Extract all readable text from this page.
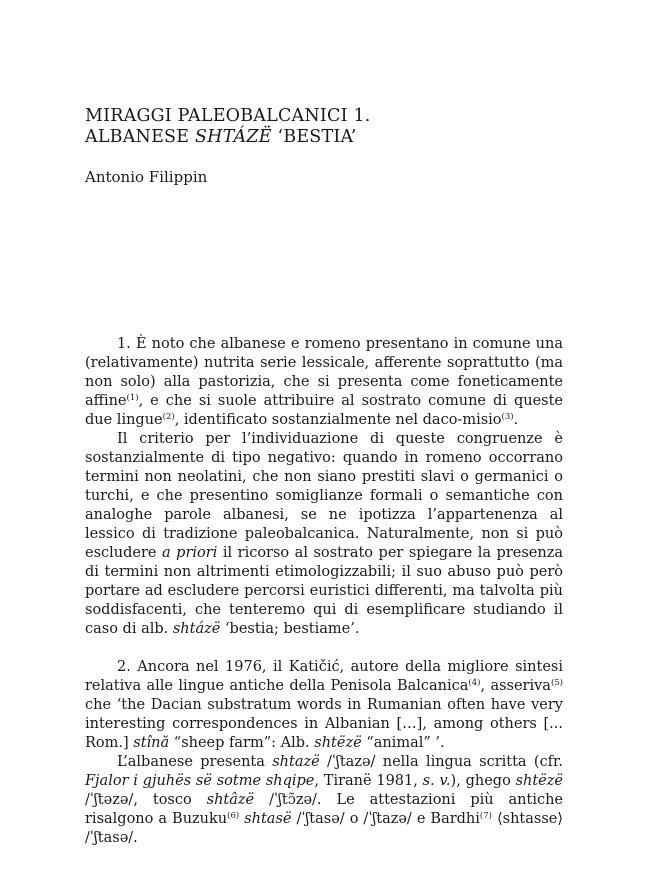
MIRAGGI PALEOBALCANICI 1.
ALBANESE SHTÁZË ‘BESTIA’
Antonio Filippin

1. È noto che albanese e romeno presentano in comune una (relativamente) nutrita serie lessicale, afferente soprattutto (ma non solo) alla pastorizia, che si presenta come foneticamente affine$^{(1)}$, e che si suole attribuire al sostrato comune di queste due lingue$^{(2)}$, identificato sostanzialmente nel daco-misio$^{(3)}$.

Il criterio per l’individuazione di queste congruenze è sostanzialmente di tipo negativo: quando in romeno occorrano termini non neolatini, che non siano prestiti slavi o germanici o turchi, e che presentino somiglianze formali o semantiche con analoghe parole albanesi, se ne ipotizza l’appartenenza al lessico di tradizione paleobalcanica. Naturalmente, non si può escludere a priori il ricorso al sostrato per spiegare la presenza di termini non altrimenti etimologizzabili; il suo abuso può però portare ad escludere percorsi euristici differenti, ma talvolta più soddisfacenti, che tenteremo qui di esemplificare studiando il caso di alb. shtázë ‘bestia; bestiame’.

2. Ancora nel 1976, il Katičić, autore della migliore sintesi relativa alle lingue antiche della Penisola Balcanica$^{(4)}$, asseriva$^{(5)}$ che ‘the Dacian substratum words in Rumanian often have very interesting correspondences in Albanian […], among others [... Rom.] stînă “sheep farm”: Alb. shtëzë “animal” ’.

L’albanese presenta shtazë /ˈʃtazə/ nella lingua scritta (cfr. Fjalor i gjuhës së sotme shqipe, Tiranë 1981, s. v.), ghego shtëzë /ˈʃtəzə/, tosco shtâzë /ˈʃtɔ̃zə/. Le attestazioni più antiche risalgono a Buzuku$^{(6)}$ shtasë /ˈʃtasə/ o /ˈʃtazə/ e Bardhi$^{(7)}$ ⟨shtasse⟩ /ˈʃtasə/.
